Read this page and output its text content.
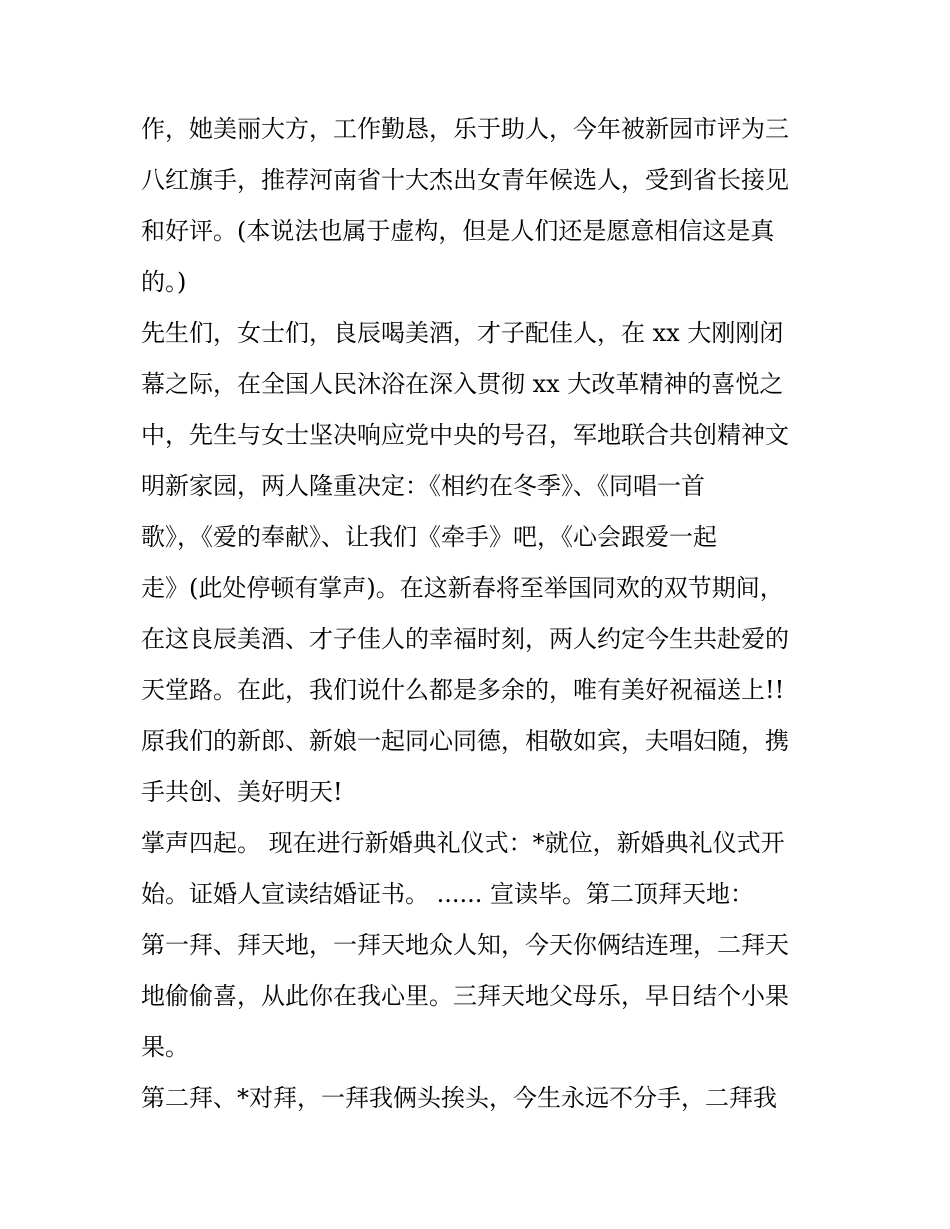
作，她美丽大方，工作勤恳，乐于助人，今年被新园市评为三
八红旗手，推荐河南省十大杰出女青年候选人，受到省长接见
和好评。(本说法也属于虚构，但是人们还是愿意相信这是真
的。)
先生们，女士们，良辰喝美酒，才子配佳人，在 xx 大刚刚闭
幕之际，在全国人民沐浴在深入贯彻 xx 大改革精神的喜悦之
中，先生与女士坚决响应党中央的号召，军地联合共创精神文
明新家园，两人隆重决定：《相约在冬季》、《同唱一首
歌》，《爱的奉献》、让我们《牵手》吧，《心会跟爱一起
走》(此处停顿有掌声)。在这新春将至举国同欢的双节期间，
在这良辰美酒、才子佳人的幸福时刻，两人约定今生共赴爱的
天堂路。在此，我们说什么都是多余的，唯有美好祝福送上!!
原我们的新郎、新娘一起同心同德，相敬如宾，夫唱妇随，携
手共创、美好明天!
掌声四起。 现在进行新婚典礼仪式：*就位，新婚典礼仪式开
始。证婚人宣读结婚证书。 ...... 宣读毕。第二顶拜天地：
第一拜、拜天地，一拜天地众人知，今天你俩结连理，二拜天
地偷偷喜，从此你在我心里。三拜天地父母乐，早日结个小果
果。
第二拜、*对拜，一拜我俩头挨头，今生永远不分手，二拜我
